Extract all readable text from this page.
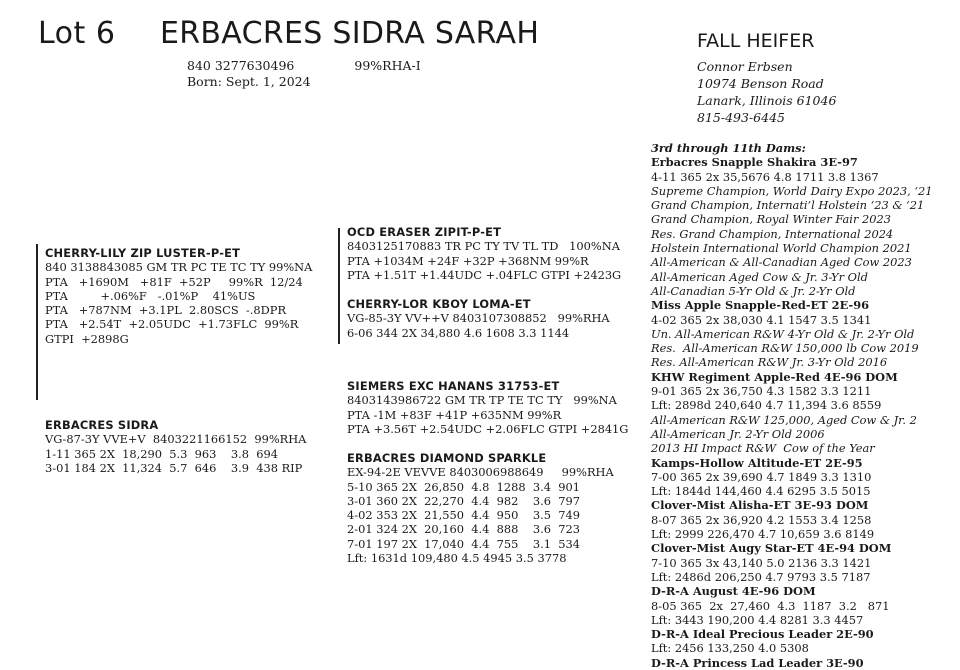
Lot 6 ERBACRES SIDRA SARAH	FALL HEIFER
840 3277630496	99%RHA-I
Born: Sept. 1, 2024
Connor Erbsen
10974 Benson Road
Lanark, Illinois 61046
815-493-6445
CHERRY-LILY ZIP LUSTER-P-ET
840 3138843085 GM TR PC TE TC TY 99%NA
PTA   +1690M   +81F  +52P     99%R  12/24
PTA         +.06%F   -.01%P    41%US
PTA   +787NM  +3.1PL  2.80SCS  -.8DPR
PTA   +2.54T  +2.05UDC  +1.73FLC  99%R
GTPI  +2898G
OCD ERASER ZIPIT-P-ET
8403125170883 TR PC TY TV TL TD   100%NA
PTA +1034M +24F +32P +368NM 99%R
PTA +1.51T +1.44UDC +.04FLC GTPI +2423G
CHERRY-LOR KBOY LOMA-ET
VG-85-3Y VV++V 8403107308852   99%RHA
6-06 344 2X 34,880 4.6 1608 3.3 1144
ERBACRES SIDRA
VG-87-3Y VVE+V  8403221166152  99%RHA
1-11 365 2X  18,290  5.3  963    3.8  694
3-01 184 2X  11,324  5.7  646    3.9  438 RIP
SIEMERS EXC HANANS 31753-ET
8403143986722 GM TR TP TE TC TY   99%NA
PTA -1M +83F +41P +635NM 99%R
PTA +3.56T +2.54UDC +2.06FLC GTPI +2841G
ERBACRES DIAMOND SPARKLE
EX-94-2E VEVVE 8403006988649     99%RHA
5-10 365 2X  26,850  4.8  1288  3.4  901
3-01 360 2X  22,270  4.4  982    3.6  797
4-02 353 2X  21,550  4.4  950    3.5  749
2-01 324 2X  20,160  4.4  888    3.6  723
7-01 197 2X  17,040  4.4  755    3.1  534
Lft: 1631d 109,480 4.5 4945 3.5 3778
3rd through 11th Dams:
Erbacres Snapple Shakira 3E-97
4-11 365 2x 35,5676 4.8 1711 3.8 1367
Supreme Champion, World Dairy Expo 2023, ‘21
Grand Champion, Internati’l Holstein ‘23 & ‘21
Grand Champion, Royal Winter Fair 2023
Res. Grand Champion, International 2024
Holstein International World Champion 2021
All-American & All-Canadian Aged Cow 2023
All-American Aged Cow & Jr. 3-Yr Old
All-Canadian 5-Yr Old & Jr. 2-Yr Old
Miss Apple Snapple-Red-ET 2E-96
4-02 365 2x 38,030 4.1 1547 3.5 1341
Un. All-American R&W 4-Yr Old & Jr. 2-Yr Old
Res.  All-American R&W 150,000 lb Cow 2019
Res. All-American R&W Jr. 3-Yr Old 2016
KHW Regiment Apple-Red 4E-96 DOM
9-01 365 2x 36,750 4.3 1582 3.3 1211
Lft: 2898d 240,640 4.7 11,394 3.6 8559
All-American R&W 125,000, Aged Cow & Jr. 2
All-American Jr. 2-Yr Old 2006
2013 HI Impact R&W  Cow of the Year
Kamps-Hollow Altitude-ET 2E-95
7-00 365 2x 39,690 4.7 1849 3.3 1310
Lft: 1844d 144,460 4.4 6295 3.5 5015
Clover-Mist Alisha-ET 3E-93 DOM
8-07 365 2x 36,920 4.2 1553 3.4 1258
Lft: 2999 226,470 4.7 10,659 3.6 8149
Clover-Mist Augy Star-ET 4E-94 DOM
7-10 365 3x 43,140 5.0 2136 3.3 1421
Lft: 2486d 206,250 4.7 9793 3.5 7187
D-R-A August 4E-96 DOM
8-05 365  2x  27,460  4.3  1187  3.2   871
Lft: 3443 190,200 4.4 8281 3.3 4457
D-R-A Ideal Precious Leader 2E-90
Lft: 2456 133,250 4.0 5308
D-R-A Princess Lad Leader 3E-90
